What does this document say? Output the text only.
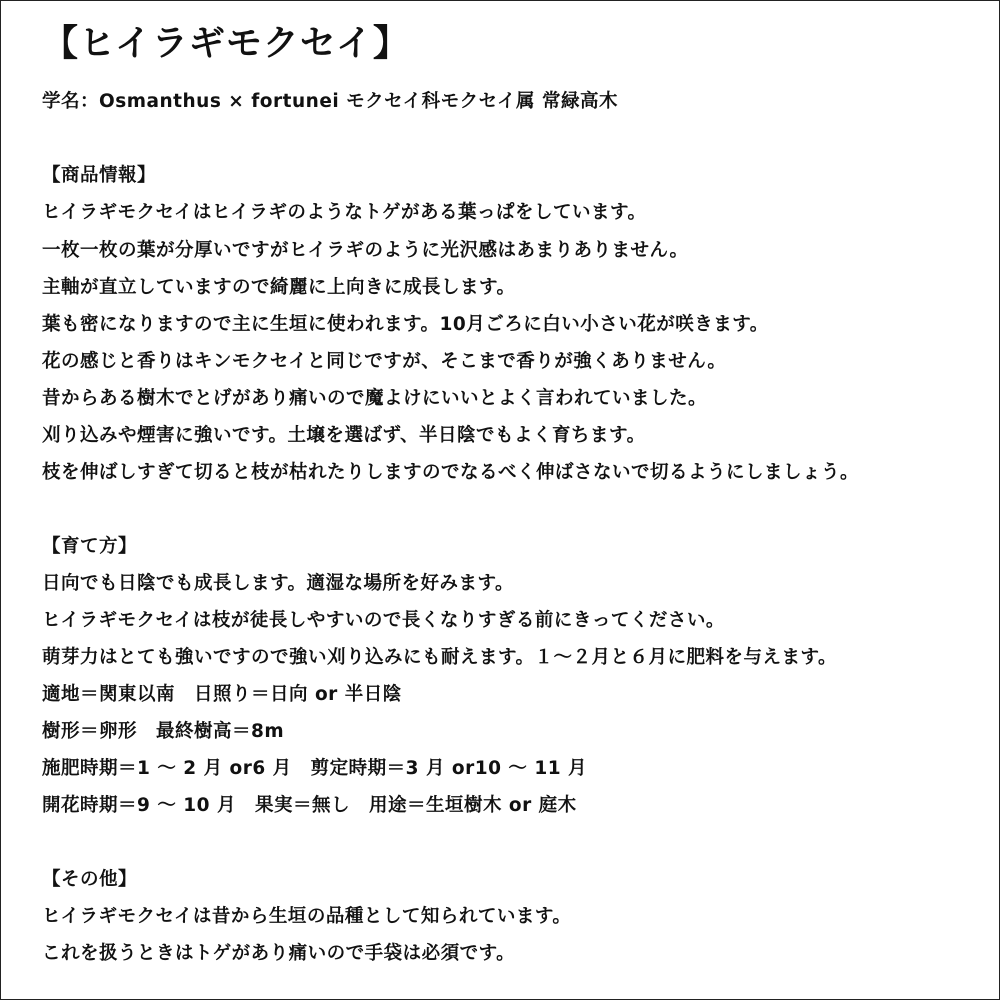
【ヒイラギモクセイ】
学名：Osmanthus × fortunei モクセイ科モクセイ属 常緑高木
【商品情報】
ヒイラギモクセイはヒイラギのようなトゲがある葉っぱをしています。
一枚一枚の葉が分厚いですがヒイラギのように光沢感はあまりありません。
主軸が直立していますので綺麗に上向きに成長します。
葉も密になりますので主に生垣に使われます。10月ごろに白い小さい花が咲きます。
花の感じと香りはキンモクセイと同じですが、そこまで香りが強くありません。
昔からある樹木でとげがあり痛いので魔よけにいいとよく言われていました。
刈り込みや煙害に強いです。土壌を選ばず、半日陰でもよく育ちます。
枝を伸ばしすぎて切ると枝が枯れたりしますのでなるべく伸ばさないで切るようにしましょう。
【育て方】
日向でも日陰でも成長します。適湿な場所を好みます。
ヒイラギモクセイは枝が徒長しやすいので長くなりすぎる前にきってください。
萌芽力はとても強いですので強い刈り込みにも耐えます。１～２月と６月に肥料を与えます。
適地＝関東以南　日照り＝日向 or 半日陰
樹形＝卵形　最終樹高＝8m
施肥時期＝1 ～ 2 月 or6 月　剪定時期＝3 月 or10 ～ 11 月
開花時期＝9 ～ 10 月　果実＝無し　用途＝生垣樹木 or 庭木
【その他】
ヒイラギモクセイは昔から生垣の品種として知られています。
これを扱うときはトゲがあり痛いので手袋は必須です。
